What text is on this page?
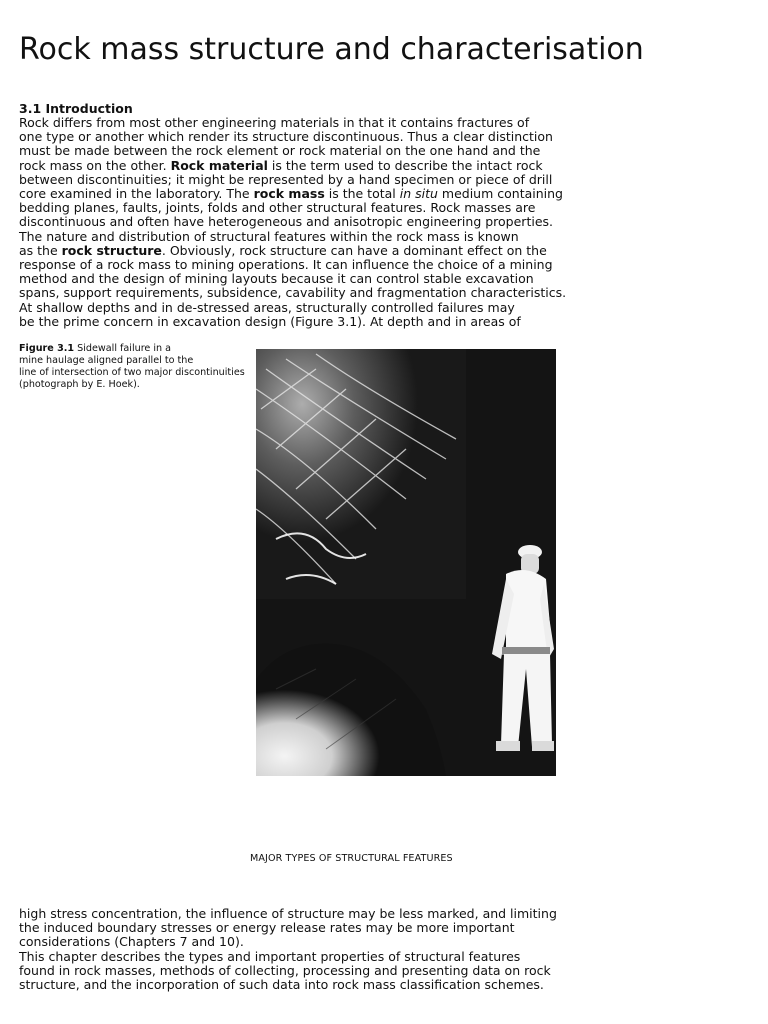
Rock mass structure and characterisation
3.1 Introduction
Rock differs from most other engineering materials in that it contains fractures of
one type or another which render its structure discontinuous. Thus a clear distinction
must be made between the rock element or rock material on the one hand and the
rock mass on the other. Rock material is the term used to describe the intact rock
between discontinuities; it might be represented by a hand specimen or piece of drill
core examined in the laboratory. The rock mass is the total in situ medium containing
bedding planes, faults, joints, folds and other structural features. Rock masses are
discontinuous and often have heterogeneous and anisotropic engineering properties.
The nature and distribution of structural features within the rock mass is known
as the rock structure. Obviously, rock structure can have a dominant effect on the
response of a rock mass to mining operations. It can influence the choice of a mining
method and the design of mining layouts because it can control stable excavation
spans, support requirements, subsidence, cavability and fragmentation characteristics.
At shallow depths and in de-stressed areas, structurally controlled failures may
be the prime concern in excavation design (Figure 3.1). At depth and in areas of
Figure 3.1 Sidewall failure in a
mine haulage aligned parallel to the
line of intersection of two major discontinuities
(photograph by E. Hoek).
MAJOR TYPES OF STRUCTURAL FEATURES
high stress concentration, the influence of structure may be less marked, and limiting
the induced boundary stresses or energy release rates may be more important
considerations (Chapters 7 and 10).
This chapter describes the types and important properties of structural features
found in rock masses, methods of collecting, processing and presenting data on rock
structure, and the incorporation of such data into rock mass classification schemes.
